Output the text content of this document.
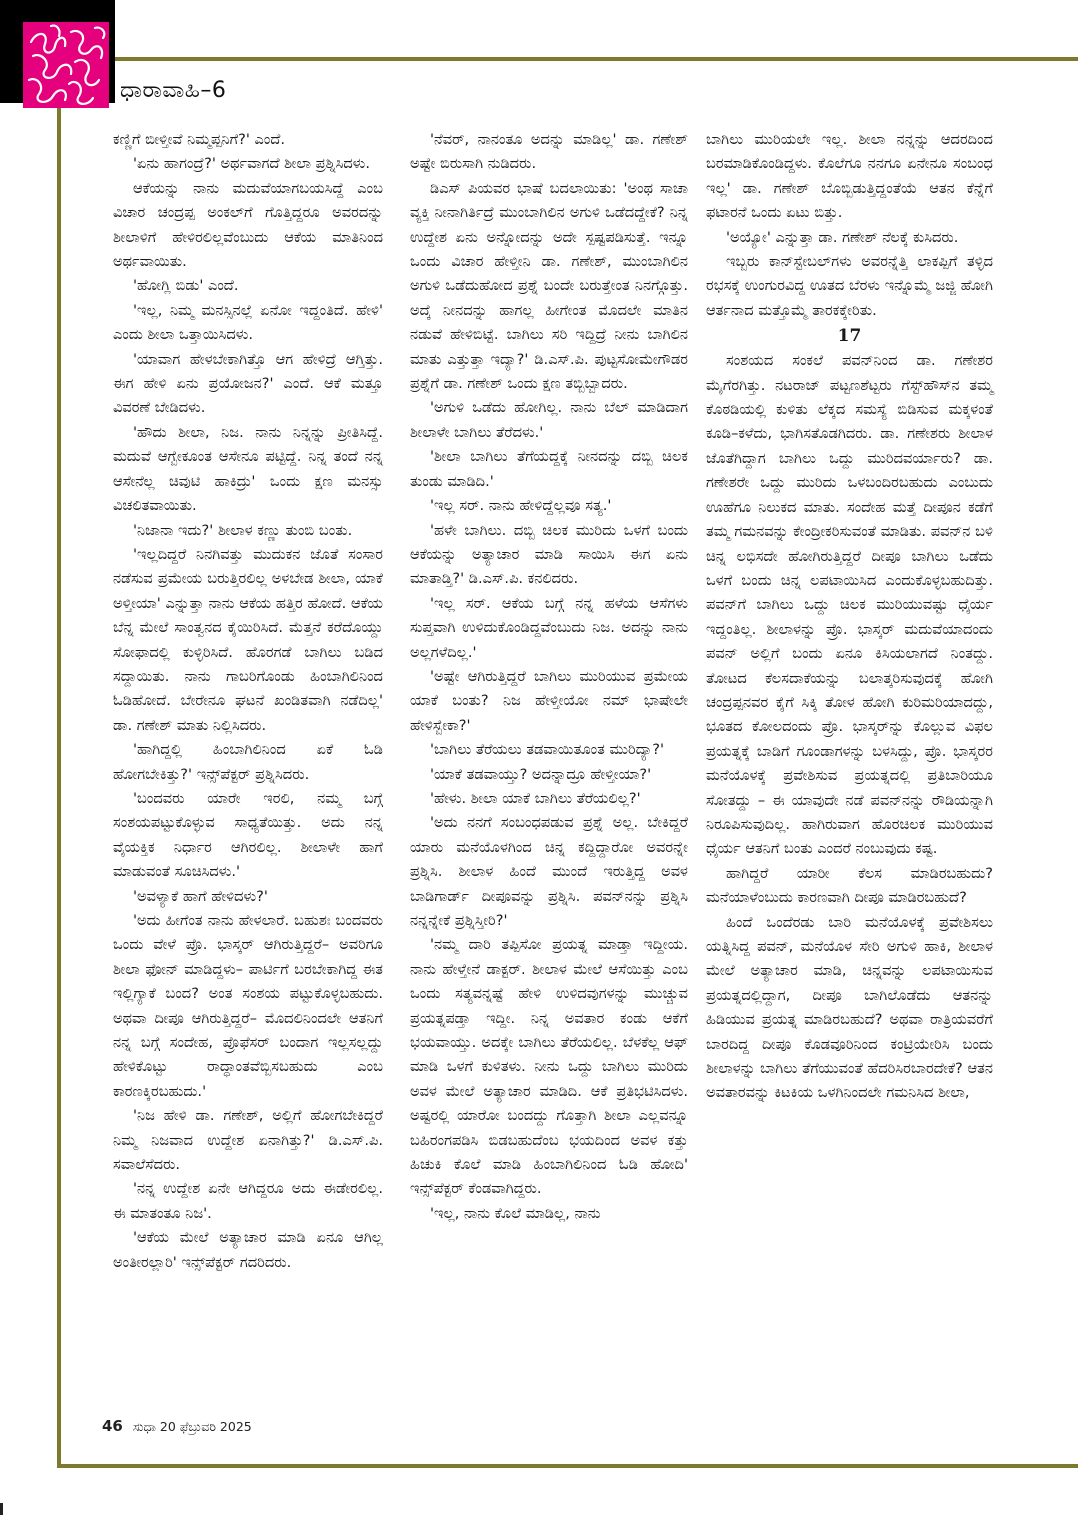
ಧಾರಾವಾಹಿ–6

ಕಣ್ಣಿಗೆ ಬೀಳ್ತೀವೆ ನಿಮ್ಮಪ್ಪನಿಗೆ?' ಎಂದೆ.

'ಏನು ಹಾಗಂದ್ರೆ?' ಅರ್ಥವಾಗದೆ ಶೀಲಾ ಪ್ರಶ್ನಿಸಿದಳು.

ಆಕೆಯನ್ನು ನಾನು ಮದುವೆಯಾಗಬಯಸಿದ್ದೆ ಎಂಬ ವಿಚಾರ ಚಂದ್ರಪ್ಪ ಅಂಕಲ್‌ಗೆ ಗೊತ್ತಿದ್ದರೂ ಅವರದನ್ನು ಶೀಲಾಳಿಗೆ ಹೇಳಿರಲಿಲ್ಲವೆಂಬುದು ಆಕೆಯ ಮಾತಿನಿಂದ ಅರ್ಥವಾಯಿತು.

'ಹೋಗ್ಲಿ ಬಿಡು' ಎಂದೆ.

'ಇಲ್ಲ, ನಿಮ್ಮ ಮನಸ್ಸಿನಲ್ಲೆ ಏನೋ ಇದ್ದಂತಿದೆ. ಹೇಳಿ' ಎಂದು ಶೀಲಾ ಒತ್ತಾಯಿಸಿದಳು.

'ಯಾವಾಗ ಹೇಳಬೇಕಾಗಿತ್ತೊ ಆಗ ಹೇಳಿದ್ರೆ ಆಗ್ತಿತ್ತು. ಈಗ ಹೇಳಿ ಏನು ಪ್ರಯೋಜನ?' ಎಂದೆ. ಆಕೆ ಮತ್ತೂ ವಿವರಣೆ ಬೇಡಿದಳು.

'ಹೌದು ಶೀಲಾ, ನಿಜ. ನಾನು ನಿನ್ನನ್ನು ಪ್ರೀತಿಸಿದ್ದೆ. ಮದುವೆ ಆಗ್ಬೇಕೂಂತ ಆಸೇನೂ ಪಟ್ಟಿದ್ದೆ. ನಿನ್ನ ತಂದೆ ನನ್ನ ಆಸೇನೆಲ್ಲ ಚಿವುಟಿ ಹಾಕಿದ್ರು' ಒಂದು ಕ್ಷಣ ಮನಸ್ಸು ವಿಚಲಿತವಾಯಿತು.

'ನಿಜಾನಾ ಇದು?' ಶೀಲಾಳ ಕಣ್ಣು ತುಂಬಿ ಬಂತು.

'ಇಲ್ಲದಿದ್ದರೆ ನಿನಗಿವತ್ತು ಮುದುಕನ ಜೊತೆ ಸಂಸಾರ ನಡೆಸುವ ಪ್ರಮೇಯ ಬರುತ್ತಿರಲಿಲ್ಲ ಅಳಬೇಡ ಶೀಲಾ, ಯಾಕೆ ಅಳ್ತೀಯಾ' ಎನ್ನುತ್ತಾ ನಾನು ಆಕೆಯ ಹತ್ತಿರ ಹೋದೆ. ಆಕೆಯ ಬೆನ್ನ ಮೇಲೆ ಸಾಂತ್ವನದ ಕೈಯಿರಿಸಿದೆ. ಮೆತ್ತನೆ ಕರೆದೊಯ್ದು ಸೋಫಾದಲ್ಲಿ ಕುಳ್ಳಿರಿಸಿದೆ. ಹೊರಗಡೆ ಬಾಗಿಲು ಬಡಿದ ಸದ್ದಾಯಿತು. ನಾನು ಗಾಬರಿಗೊಂಡು ಹಿಂಬಾಗಿಲಿನಿಂದ ಓಡಿಹೋದೆ. ಬೇರೇನೂ ಘಟನೆ ಖಂಡಿತವಾಗಿ ನಡೆದಿಲ್ಲ' ಡಾ. ಗಣೇಶ್ ಮಾತು ನಿಲ್ಲಿಸಿದರು.

'ಹಾಗಿದ್ದಲ್ಲಿ ಹಿಂಬಾಗಿಲಿನಿಂದ ಏಕೆ ಓಡಿ ಹೋಗಬೇಕಿತ್ತು?' ಇನ್ಸ್‌ಪೆಕ್ಟರ್ ಪ್ರಶ್ನಿಸಿದರು.

'ಬಂದವರು ಯಾರೇ ಇರಲಿ, ನಮ್ಮ ಬಗ್ಗೆ ಸಂಶಯಪಟ್ಟುಕೊಳ್ಳುವ ಸಾಧ್ಯತೆಯಿತ್ತು. ಅದು ನನ್ನ ವೈಯಕ್ತಿಕ ನಿರ್ಧಾರ ಆಗಿರಲಿಲ್ಲ. ಶೀಲಾಳೇ ಹಾಗೆ ಮಾಡುವಂತೆ ಸೂಚಿಸಿದಳು.'

'ಅವಳ್ಯಾಕೆ ಹಾಗೆ ಹೇಳಿದಳು?'

'ಅದು ಹೀಗೆಂತ ನಾನು ಹೇಳಲಾರೆ. ಬಹುಶಃ ಬಂದವರು ಒಂದು ವೇಳೆ ಪ್ರೊ. ಭಾಸ್ಕರ್ ಆಗಿರುತ್ತಿದ್ದರೆ– ಅವರಿಗೂ ಶೀಲಾ ಫೋನ್ ಮಾಡಿದ್ದಳು– ಪಾರ್ಟಿಗೆ ಬರಬೇಕಾಗಿದ್ದ ಈತ ಇಲ್ಲಿಗ್ಯಾಕೆ ಬಂದ? ಅಂತ ಸಂಶಯ ಪಟ್ಟುಕೊಳ್ಳಬಹುದು. ಅಥವಾ ದೀಪೂ ಆಗಿರುತ್ತಿದ್ದರೆ– ಮೊದಲಿನಿಂದಲೇ ಆತನಿಗೆ ನನ್ನ ಬಗ್ಗೆ ಸಂದೇಹ, ಪ್ರೊಫೆಸರ್ ಬಂದಾಗ ಇಲ್ಲಸಲ್ಲದ್ದು ಹೇಳಿಕೊಟ್ಟು ರಾದ್ಧಾಂತವೆಬ್ಬಿಸಬಹುದು ಎಂಬ ಕಾರಣಕ್ಕಿರಬಹುದು.'

'ನಿಜ ಹೇಳಿ ಡಾ. ಗಣೇಶ್, ಅಲ್ಲಿಗೆ ಹೋಗಬೇಕಿದ್ದರೆ ನಿಮ್ಮ ನಿಜವಾದ ಉದ್ದೇಶ ಏನಾಗಿತ್ತು?' ಡಿ.ಎಸ್.ಪಿ. ಸವಾಲೆಸೆದರು.

'ನನ್ನ ಉದ್ದೇಶ ಏನೇ ಆಗಿದ್ದರೂ ಅದು ಈಡೇರಲಿಲ್ಲ. ಈ ಮಾತಂತೂ ನಿಜ'.

'ಆಕೆಯ ಮೇಲೆ ಅತ್ಯಾಚಾರ ಮಾಡಿ ಏನೂ ಆಗಿಲ್ಲ ಅಂತೀರಲ್ಲಾರಿ' ಇನ್ಸ್‌ಪೆಕ್ಟರ್ ಗದರಿದರು.

'ನೆವರ್, ನಾನಂತೂ ಅದನ್ನು ಮಾಡಿಲ್ಲ' ಡಾ. ಗಣೇಶ್ ಅಷ್ಟೇ ಬಿರುಸಾಗಿ ನುಡಿದರು.

ಡಿಎಸ್ ಪಿಯವರ ಭಾಷೆ ಬದಲಾಯಿತು: 'ಅಂಥ ಸಾಚಾ ವ್ಯಕ್ತಿ ನೀನಾಗಿರ್ತಿದ್ರೆ ಮುಂಬಾಗಿಲಿನ ಅಗುಳಿ ಒಡೆದದ್ದೇಕೆ? ನಿನ್ನ ಉದ್ದೇಶ ಏನು ಅನ್ನೋದನ್ನು ಅದೇ ಸ್ಪಷ್ಟಪಡಿಸುತ್ತೆ. ಇನ್ನೂ ಒಂದು ವಿಚಾರ ಹೇಳ್ತೀನಿ ಡಾ. ಗಣೇಶ್, ಮುಂಬಾಗಿಲಿನ ಅಗುಳಿ ಒಡೆದುಹೋದ ಪ್ರಶ್ನೆ ಬಂದೇ ಬರುತ್ತೇಂತ ನಿನಗ್ಗೊತ್ತು. ಅದ್ಕೆ ನೀನದನ್ನು ಹಾಗಲ್ಲ ಹೀಗೇಂತ ಮೊದಲೇ ಮಾತಿನ ನಡುವೆ ಹೇಳಿಬಿಟ್ಟೆ. ಬಾಗಿಲು ಸರಿ ಇದ್ದಿದ್ರೆ ನೀನು ಬಾಗಿಲಿನ ಮಾತು ಎತ್ತುತ್ತಾ ಇದ್ಯಾ?' ಡಿ.ಎಸ್.ಪಿ. ಪುಟ್ಟಸೋಮೇಗೌಡರ ಪ್ರಶ್ನೆಗೆ ಡಾ. ಗಣೇಶ್ ಒಂದು ಕ್ಷಣ ತಬ್ಬಿಬ್ಬಾದರು.

'ಅಗುಳಿ ಒಡೆದು ಹೋಗಿಲ್ಲ. ನಾನು ಬೆಲ್ ಮಾಡಿದಾಗ ಶೀಲಾಳೇ ಬಾಗಿಲು ತೆರೆದಳು.'

'ಶೀಲಾ ಬಾಗಿಲು ತೆಗೆಯದ್ದಕ್ಕೆ ನೀನದನ್ನು ದಬ್ಬಿ ಚಿಲಕ ತುಂಡು ಮಾಡಿದಿ.'

'ಇಲ್ಲ ಸರ್. ನಾನು ಹೇಳಿದ್ದೆಲ್ಲವೂ ಸತ್ಯ.'

'ಹಳೇ ಬಾಗಿಲು. ದಬ್ಬಿ ಚಿಲಕ ಮುರಿದು ಒಳಗೆ ಬಂದು ಆಕೆಯನ್ನು ಅತ್ಯಾಚಾರ ಮಾಡಿ ಸಾಯಿಸಿ ಈಗ ಏನು ಮಾತಾಡ್ತಿ?' ಡಿ.ಎಸ್.ಪಿ. ಕನಲಿದರು.

'ಇಲ್ಲ ಸರ್. ಆಕೆಯ ಬಗ್ಗೆ ನನ್ನ ಹಳೆಯ ಆಸೆಗಳು ಸುಪ್ತವಾಗಿ ಉಳಿದುಕೊಂಡಿದ್ದವೆಂಬುದು ನಿಜ. ಅದನ್ನು ನಾನು ಅಲ್ಲಗಳೆದಿಲ್ಲ.'

'ಅಷ್ಟೇ ಆಗಿರುತ್ತಿದ್ದರೆ ಬಾಗಿಲು ಮುರಿಯುವ ಪ್ರಮೇಯ ಯಾಕೆ ಬಂತು? ನಿಜ ಹೇಳ್ತೀಯೋ ನಮ್ ಭಾಷೇಲೇ ಹೇಳಿಸ್ಬೇಕಾ?'

'ಬಾಗಿಲು ತೆರೆಯಲು ತಡವಾಯಿತೂಂತ ಮುರಿದ್ಯಾ?'

'ಯಾಕೆ ತಡವಾಯ್ತು? ಅದನ್ನಾದ್ರೂ ಹೇಳ್ತೀಯಾ?'

'ಹೇಳು. ಶೀಲಾ ಯಾಕೆ ಬಾಗಿಲು ತೆರೆಯಲಿಲ್ಲ?'

'ಅದು ನನಗೆ ಸಂಬಂಧಪಡುವ ಪ್ರಶ್ನೆ ಅಲ್ಲ. ಬೇಕಿದ್ದರೆ ಯಾರು ಮನೆಯೊಳಗಿಂದ ಚಿನ್ನ ಕದ್ದಿದ್ದಾರೋ ಅವರನ್ನೇ ಪ್ರಶ್ನಿಸಿ. ಶೀಲಾಳ ಹಿಂದೆ ಮುಂದೆ ಇರುತ್ತಿದ್ದ ಅವಳ ಬಾಡಿಗಾರ್ಡ್ ದೀಪೂವನ್ನು ಪ್ರಶ್ನಿಸಿ. ಪವನ್‌ನನ್ನು ಪ್ರಶ್ನಿಸಿ ನನ್ನನ್ನೇಕೆ ಪ್ರಶ್ನಿಸ್ತೀರಿ?'

'ನಮ್ಮ ದಾರಿ ತಪ್ಪಿಸೋ ಪ್ರಯತ್ನ ಮಾಡ್ತಾ ಇದ್ದೀಯ. ನಾನು ಹೇಳ್ತೇನೆ ಡಾಕ್ಟರ್. ಶೀಲಾಳ ಮೇಲೆ ಆಸೆಯಿತ್ತು ಎಂಬ ಒಂದು ಸತ್ಯವನ್ನಷ್ಟೆ ಹೇಳಿ ಉಳಿದವುಗಳನ್ನು ಮುಚ್ಚುವ ಪ್ರಯತ್ನಪಡ್ತಾ ಇದ್ದೀ. ನಿನ್ನ ಅವತಾರ ಕಂಡು ಆಕೆಗೆ ಭಯವಾಯ್ತು. ಅದಕ್ಕೇ ಬಾಗಿಲು ತೆರೆಯಲಿಲ್ಲ. ಬೆಳಕೆಲ್ಲ ಆಫ್ ಮಾಡಿ ಒಳಗೆ ಕುಳಿತಳು. ನೀನು ಒದ್ದು ಬಾಗಿಲು ಮುರಿದು ಅವಳ ಮೇಲೆ ಅತ್ಯಾಚಾರ ಮಾಡಿದಿ. ಆಕೆ ಪ್ರತಿಭಟಿಸಿದಳು. ಅಷ್ಟರಲ್ಲಿ ಯಾರೋ ಬಂದದ್ದು ಗೊತ್ತಾಗಿ ಶೀಲಾ ಎಲ್ಲವನ್ನೂ ಬಹಿರಂಗಪಡಿಸಿ ಬಿಡಬಹುದೆಂಬ ಭಯದಿಂದ ಅವಳ ಕತ್ತು ಹಿಚುಕಿ ಕೊಲೆ ಮಾಡಿ ಹಿಂಬಾಗಿಲಿನಿಂದ ಓಡಿ ಹೋದಿ' ಇನ್ಸ್‌ಪೆಕ್ಟರ್ ಕೆಂಡವಾಗಿದ್ದರು.

'ಇಲ್ಲ, ನಾನು ಕೊಲೆ ಮಾಡಿಲ್ಲ, ನಾನು

ಬಾಗಿಲು ಮುರಿಯಲೇ ಇಲ್ಲ. ಶೀಲಾ ನನ್ನನ್ನು ಆದರದಿಂದ ಬರಮಾಡಿಕೊಂಡಿದ್ದಳು. ಕೊಲೆಗೂ ನನಗೂ ಏನೇನೂ ಸಂಬಂಧ ಇಲ್ಲ' ಡಾ. ಗಣೇಶ್ ಬೊಬ್ಬಿಡುತ್ತಿದ್ದಂತೆಯೆ ಆತನ ಕೆನ್ನೆಗೆ ಫಟಾರನೆ ಒಂದು ಏಟು ಬಿತ್ತು.

'ಅಯ್ಯೋ' ಎನ್ನುತ್ತಾ ಡಾ. ಗಣೇಶ್ ನೆಲಕ್ಕೆ ಕುಸಿದರು.

ಇಬ್ಬರು ಕಾನ್‌ಸ್ಟೇಬಲ್‌ಗಳು ಅವರನ್ನೆತ್ತಿ ಲಾಕಪ್ಪಿಗೆ ತಳ್ಳಿದ ರಭಸಕ್ಕೆ ಉಂಗುರವಿದ್ದ ಊತದ ಬೆರಳು ಇನ್ನೊಮ್ಮೆ ಜಜ್ಜಿ ಹೋಗಿ ಆರ್ತನಾದ ಮತ್ತೊಮ್ಮೆ ತಾರಕಕ್ಕೇರಿತು.

17

ಸಂಶಯದ ಸಂಕಲೆ ಪವನ್‌ನಿಂದ ಡಾ. ಗಣೇಶರ ಮೈಗೆರಗಿತ್ತು. ನಟರಾಜ್ ಪಟ್ಟಣಶೆಟ್ಟರು ಗೆಸ್ಟ್‌ಹೌಸ್‌ನ ತಮ್ಮ ಕೊಠಡಿಯಲ್ಲಿ ಕುಳಿತು ಲೆಕ್ಕದ ಸಮಸ್ಯೆ ಬಿಡಿಸುವ ಮಕ್ಕಳಂತೆ ಕೂಡಿ–ಕಳೆದು, ಭಾಗಿಸತೊಡಗಿದರು. ಡಾ. ಗಣೇಶರು ಶೀಲಾಳ ಜೊತೆಗಿದ್ದಾಗ ಬಾಗಿಲು ಒದ್ದು ಮುರಿದವರ್ಯಾರು? ಡಾ. ಗಣೇಶರೇ ಒದ್ದು ಮುರಿದು ಒಳಬಂದಿರಬಹುದು ಎಂಬುದು ಊಹೆಗೂ ನಿಲುಕದ ಮಾತು. ಸಂದೇಹ ಮತ್ತೆ ದೀಪೂನ ಕಡೆಗೆ ತಮ್ಮ ಗಮನವನ್ನು ಕೇಂದ್ರೀಕರಿಸುವಂತೆ ಮಾಡಿತು. ಪವನ್‌ನ ಬಳಿ ಚಿನ್ನ ಲಭಿಸದೇ ಹೋಗಿರುತ್ತಿದ್ದರೆ ದೀಪೂ ಬಾಗಿಲು ಒಡೆದು ಒಳಗೆ ಬಂದು ಚಿನ್ನ ಲಪಟಾಯಿಸಿದ ಎಂದುಕೊಳ್ಳಬಹುದಿತ್ತು. ಪವನ್‌ಗೆ ಬಾಗಿಲು ಒದ್ದು ಚಿಲಕ ಮುರಿಯುವಷ್ಟು ಧೈರ್ಯ ಇದ್ದಂತಿಲ್ಲ. ಶೀಲಾಳನ್ನು ಪ್ರೊ. ಭಾಸ್ಕರ್ ಮದುವೆಯಾದಂದು ಪವನ್ ಅಲ್ಲಿಗೆ ಬಂದು ಏನೂ ಕಿಸಿಯಲಾಗದೆ ನಿಂತದ್ದು. ತೋಟದ ಕೆಲಸದಾಕೆಯನ್ನು ಬಲಾತ್ಕರಿಸುವುದಕ್ಕೆ ಹೋಗಿ ಚಂದ್ರಪ್ಪನವರ ಕೈಗೆ ಸಿಕ್ಕಿ ತೋಳ ಹೋಗಿ ಕುರಿಮರಿಯಾದದ್ದು, ಭೂತದ ಕೋಲದಂದು ಪ್ರೊ. ಭಾಸ್ಕರ್‌ನ್ನು ಕೊಲ್ಲುವ ವಿಫಲ ಪ್ರಯತ್ನಕ್ಕೆ ಬಾಡಿಗೆ ಗೂಂಡಾಗಳನ್ನು ಬಳಸಿದ್ದು, ಪ್ರೊ. ಭಾಸ್ಕರರ ಮನೆಯೊಳಕ್ಕೆ ಪ್ರವೇಶಿಸುವ ಪ್ರಯತ್ನದಲ್ಲಿ ಪ್ರತಿಬಾರಿಯೂ ಸೋತದ್ದು – ಈ ಯಾವುದೇ ನಡೆ ಪವನ್‌ನನ್ನು ರೌಡಿಯನ್ನಾಗಿ ನಿರೂಪಿಸುವುದಿಲ್ಲ. ಹಾಗಿರುವಾಗ ಹೊರಚಿಲಕ ಮುರಿಯುವ ಧೈರ್ಯ ಆತನಿಗೆ ಬಂತು ಎಂದರೆ ನಂಬುವುದು ಕಷ್ಟ.

ಹಾಗಿದ್ದರೆ ಯಾರೀ ಕೆಲಸ ಮಾಡಿರಬಹುದು? ಮನೆಯಾಳೆಂಬುದು ಕಾರಣವಾಗಿ ದೀಪೂ ಮಾಡಿರಬಹುದೆ?

ಹಿಂದೆ ಒಂದೆರಡು ಬಾರಿ ಮನೆಯೊಳಕ್ಕೆ ಪ್ರವೇಶಿಸಲು ಯತ್ನಿಸಿದ್ದ ಪವನ್, ಮನೆಯೊಳ ಸೇರಿ ಅಗುಳಿ ಹಾಕಿ, ಶೀಲಾಳ ಮೇಲೆ ಅತ್ಯಾಚಾರ ಮಾಡಿ, ಚಿನ್ನವನ್ನು ಲಪಟಾಯಿಸುವ ಪ್ರಯತ್ನದಲ್ಲಿದ್ದಾಗ, ದೀಪೂ ಬಾಗಿಲೊಡೆದು ಆತನನ್ನು ಹಿಡಿಯುವ ಪ್ರಯತ್ನ ಮಾಡಿರಬಹುದೆ? ಅಥವಾ ರಾತ್ರಿಯವರೆಗೆ ಬಾರದಿದ್ದ ದೀಪೂ ಕೊಡವೂರಿನಿಂದ ಕಂಟ್ರಿಯೇರಿಸಿ ಬಂದು ಶೀಲಾಳನ್ನು ಬಾಗಿಲು ತೆಗೆಯುವಂತೆ ಹೆದರಿಸಿರಬಾರದೇಕೆ? ಆತನ ಅವತಾರವನ್ನು ಕಿಟಕಿಯ ಒಳಗಿನಿಂದಲೇ ಗಮನಿಸಿದ ಶೀಲಾ,

46 ಸುಧಾ 20 ಫೆಬ್ರುವರಿ 2025
